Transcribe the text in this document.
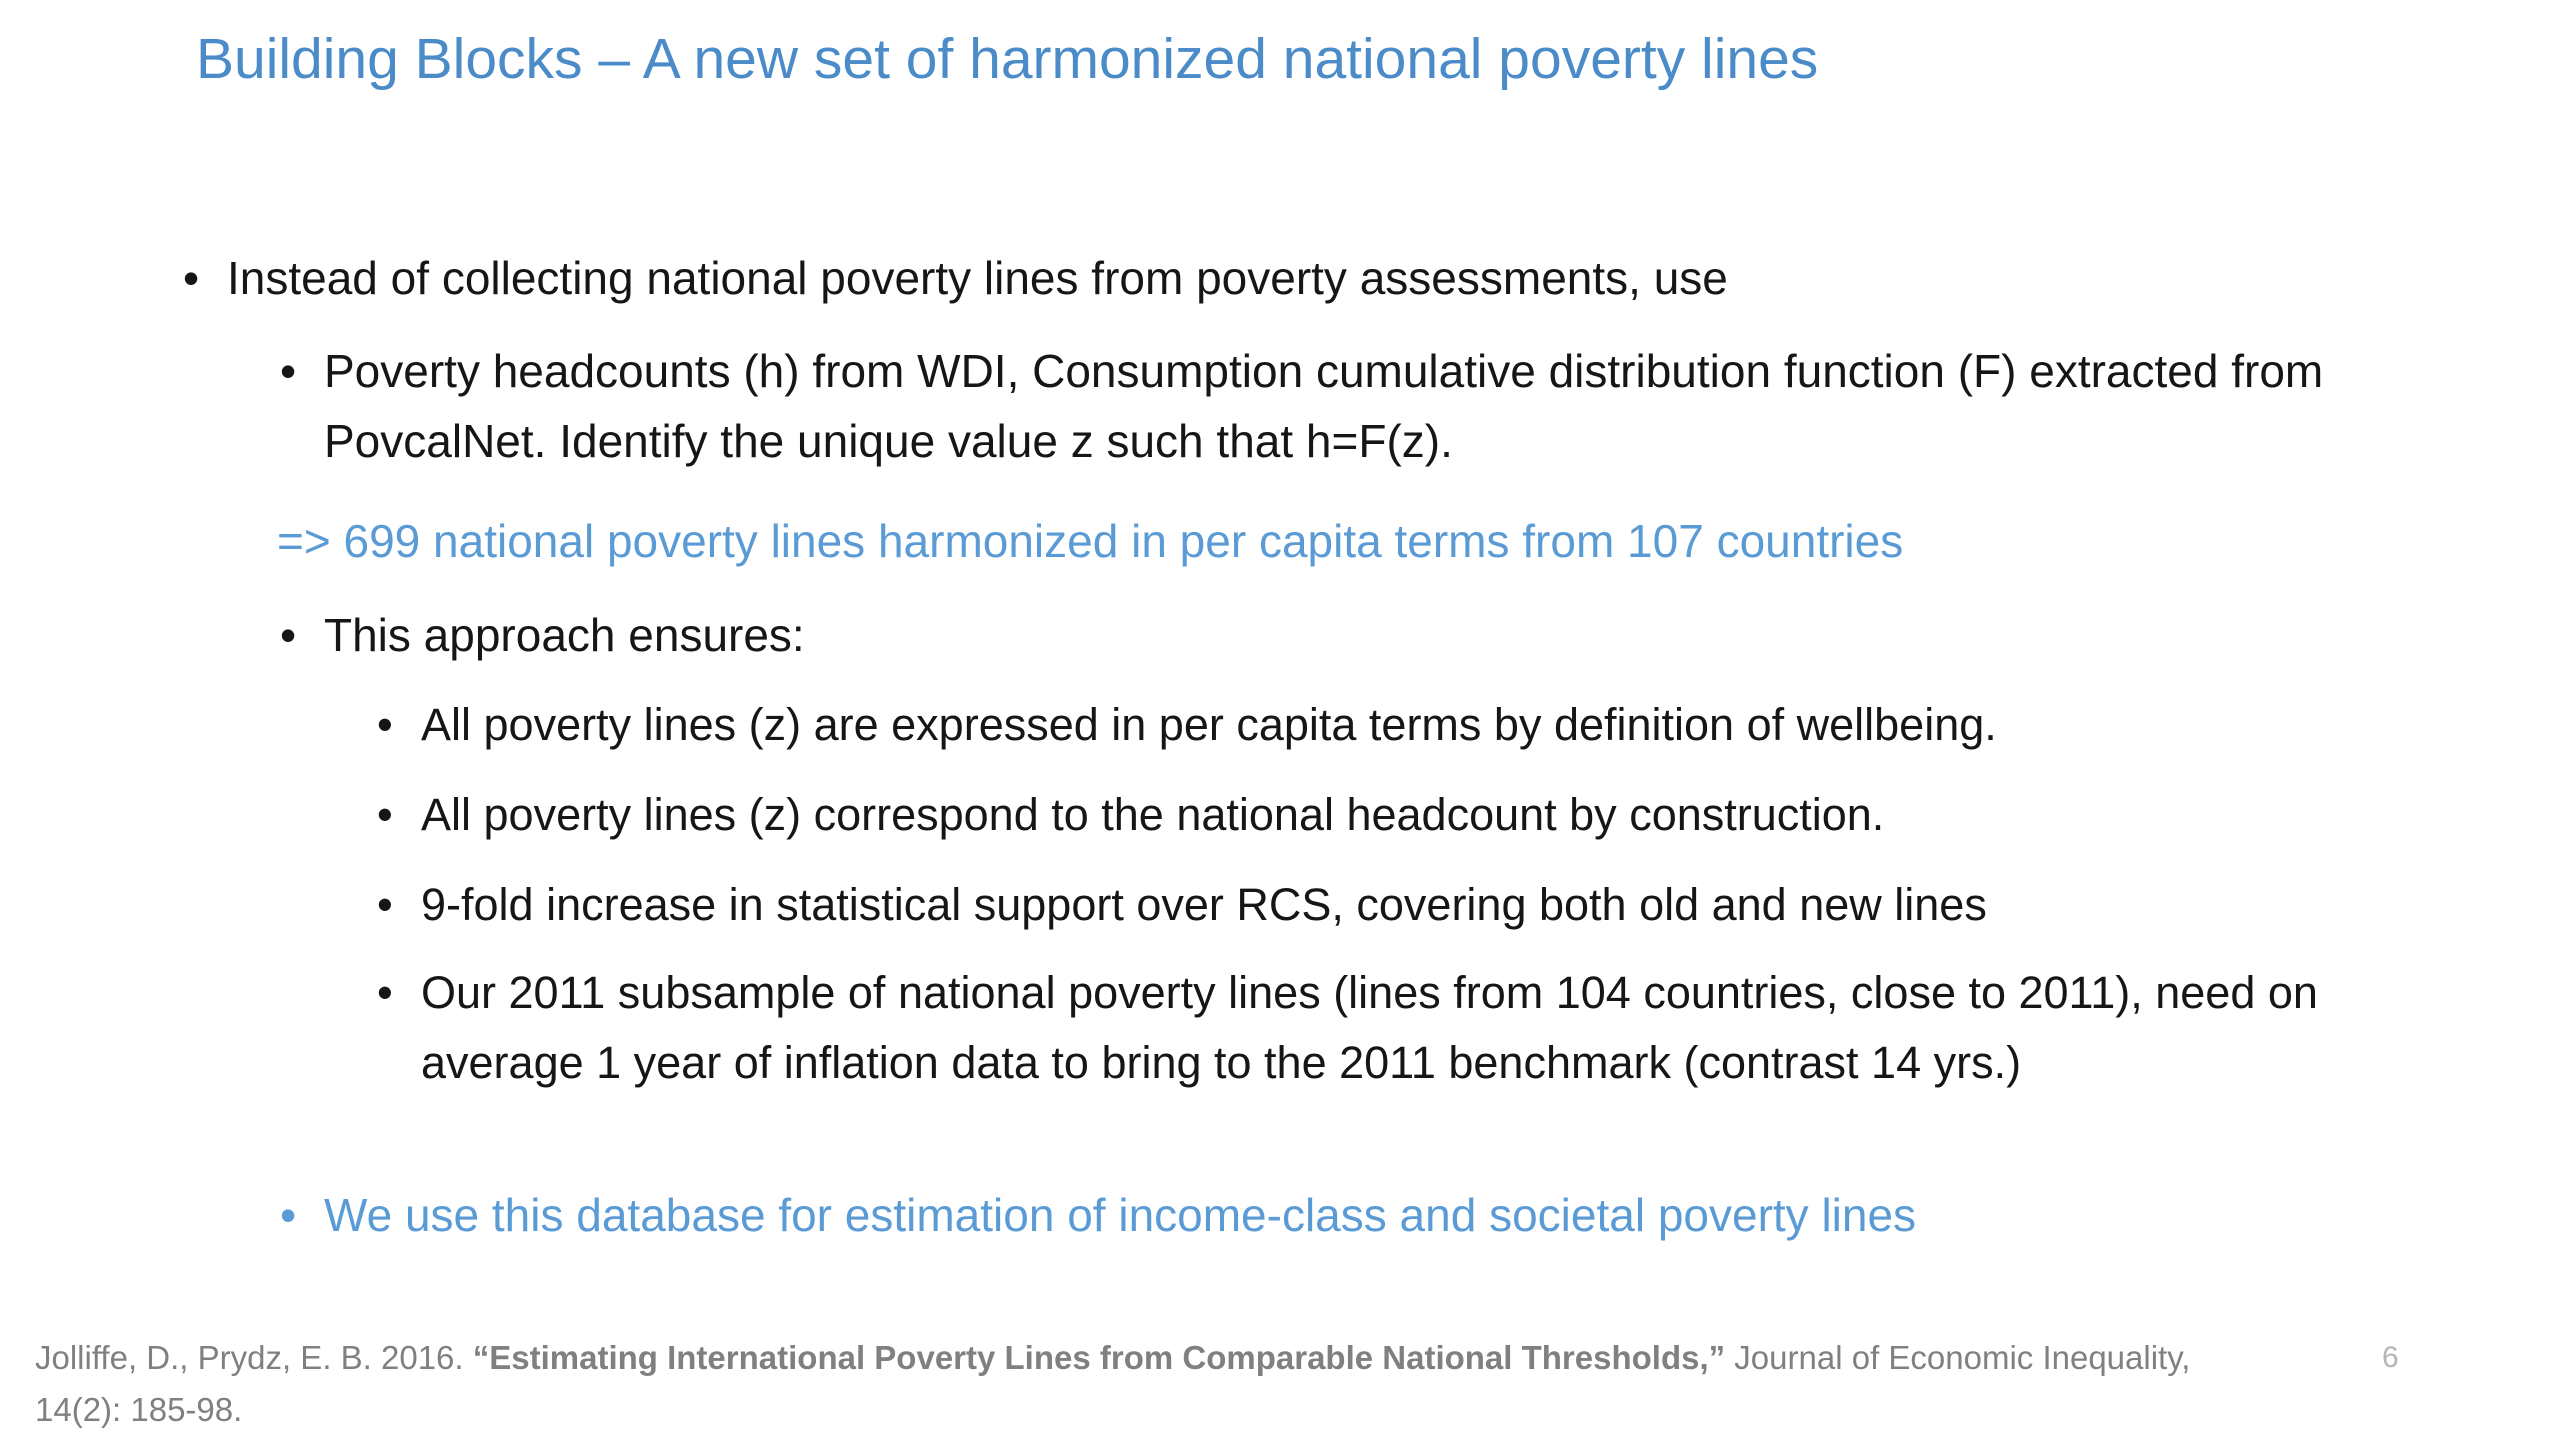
Building Blocks – A new set of harmonized national poverty lines
• Instead of collecting national poverty lines from poverty assessments, use
• Poverty headcounts (h) from WDI, Consumption cumulative distribution function (F) extracted from PovcalNet. Identify the unique value z such that h=F(z).
=> 699 national poverty lines harmonized in per capita terms from 107 countries
• This approach ensures:
• All poverty lines (z) are expressed in per capita terms by definition of wellbeing.
• All poverty lines (z) correspond to the national headcount by construction.
• 9-fold increase in statistical support over RCS, covering both old and new lines
• Our 2011 subsample of national poverty lines (lines from 104 countries, close to 2011), need on average 1 year of inflation data to bring to the 2011 benchmark (contrast 14 yrs.)
• We use this database for estimation of income-class and societal poverty lines
6
Jolliffe, D., Prydz, E. B. 2016. “Estimating International Poverty Lines from Comparable National Thresholds,” Journal of Economic Inequality,
14(2): 185-98.
